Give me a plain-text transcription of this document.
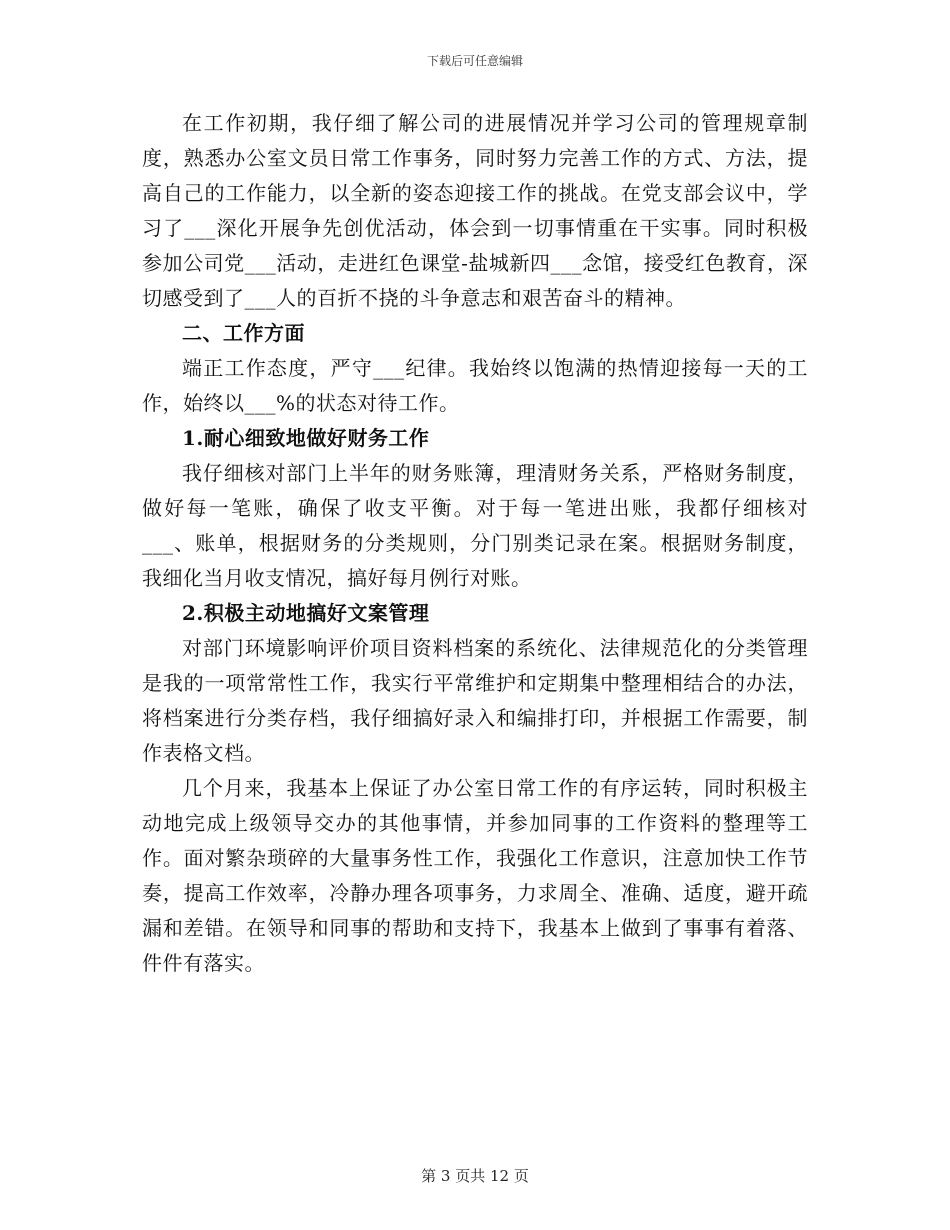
下载后可任意编辑

在工作初期，我仔细了解公司的进展情况并学习公司的管理规章制度，熟悉办公室文员日常工作事务，同时努力完善工作的方式、方法，提高自己的工作能力，以全新的姿态迎接工作的挑战。在党支部会议中，学习了___深化开展争先创优活动，体会到一切事情重在干实事。同时积极参加公司党___活动，走进红色课堂-盐城新四___念馆，接受红色教育，深切感受到了___人的百折不挠的斗争意志和艰苦奋斗的精神。

二、工作方面

端正工作态度，严守___纪律。我始终以饱满的热情迎接每一天的工作，始终以___%的状态对待工作。

1.耐心细致地做好财务工作

我仔细核对部门上半年的财务账簿，理清财务关系，严格财务制度，做好每一笔账，确保了收支平衡。对于每一笔进出账，我都仔细核对___、账单，根据财务的分类规则，分门别类记录在案。根据财务制度，我细化当月收支情况，搞好每月例行对账。

2.积极主动地搞好文案管理

对部门环境影响评价项目资料档案的系统化、法律规范化的分类管理是我的一项常常性工作，我实行平常维护和定期集中整理相结合的办法，将档案进行分类存档，我仔细搞好录入和编排打印，并根据工作需要，制作表格文档。

几个月来，我基本上保证了办公室日常工作的有序运转，同时积极主动地完成上级领导交办的其他事情，并参加同事的工作资料的整理等工作。面对繁杂琐碎的大量事务性工作，我强化工作意识，注意加快工作节奏，提高工作效率，冷静办理各项事务，力求周全、准确、适度，避开疏漏和差错。在领导和同事的帮助和支持下，我基本上做到了事事有着落、件件有落实。

第 3 页共 12 页
